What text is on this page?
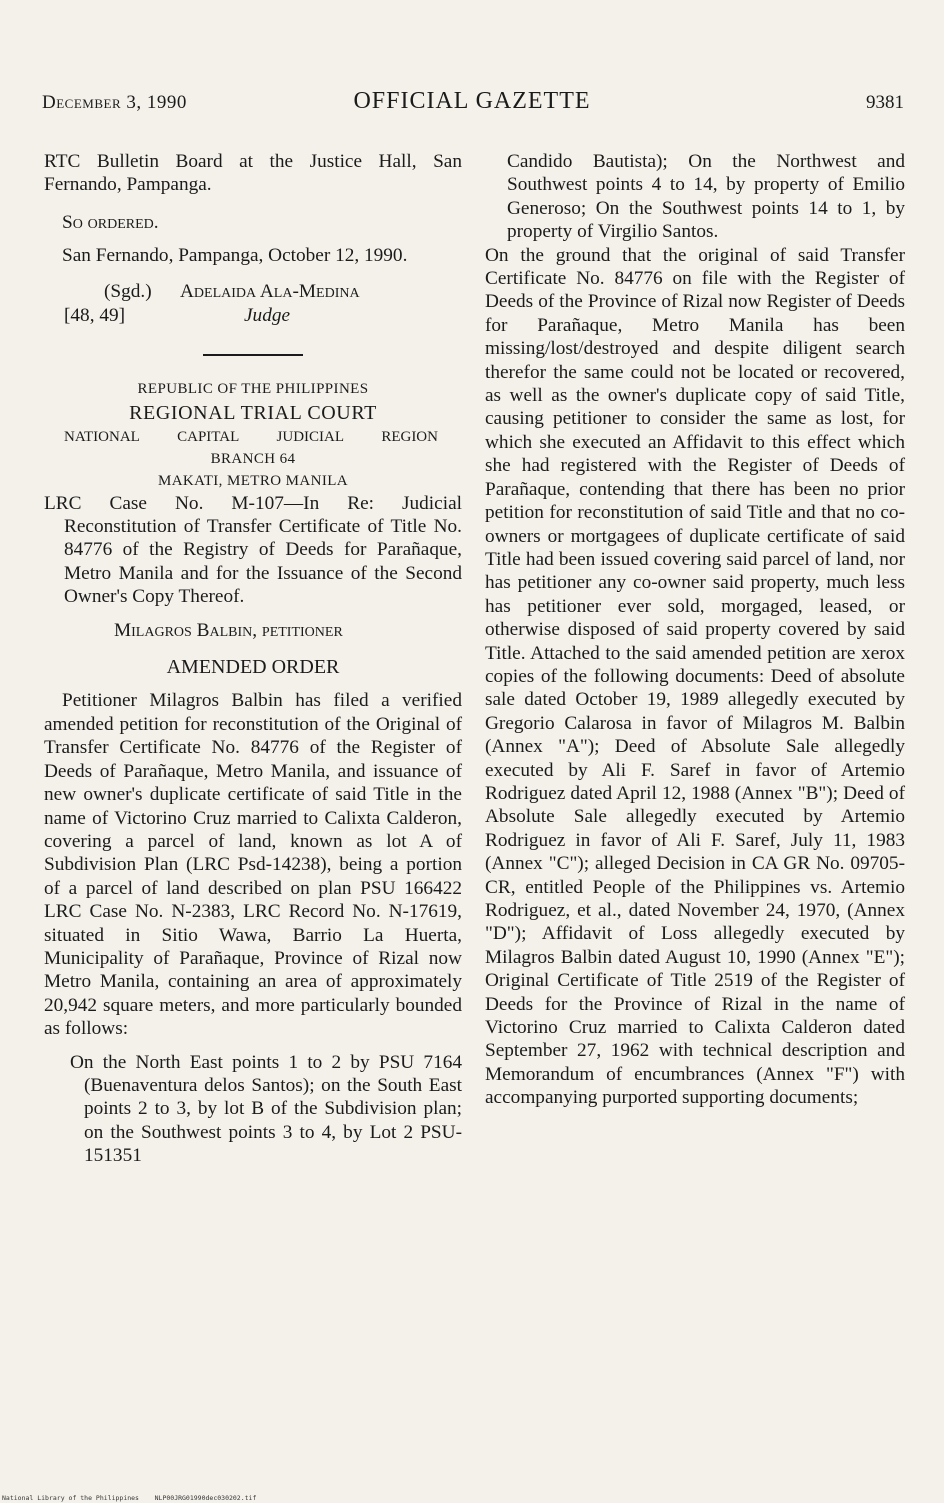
December 3, 1990	OFFICIAL GAZETTE	9381

RTC Bulletin Board at the Justice Hall, San Fernando, Pampanga.

So ordered.

San Fernando, Pampanga, October 12, 1990.

(Sgd.) Adelaida Ala-Medina
[48, 49]	Judge
REPUBLIC OF THE PHILIPPINES
REGIONAL TRIAL COURT
NATIONAL CAPITAL JUDICIAL REGION
BRANCH 64
MAKATI, METRO MANILA

LRC Case No. M-107—In Re: Judicial Reconstitution of Transfer Certificate of Title No. 84776 of the Registry of Deeds for Parañaque, Metro Manila and for the Issuance of the Second Owner's Copy Thereof.

Milagros Balbin, petitioner

AMENDED ORDER

Petitioner Milagros Balbin has filed a verified amended petition for reconstitution of the Original of Transfer Certificate No. 84776 of the Register of Deeds of Parañaque, Metro Manila, and issuance of new owner's duplicate certificate of said Title in the name of Victorino Cruz married to Calixta Calderon, covering a parcel of land, known as lot A of Subdivision Plan (LRC Psd-14238), being a portion of a parcel of land described on plan PSU 166422 LRC Case No. N-2383, LRC Record No. N-17619, situated in Sitio Wawa, Barrio La Huerta, Municipality of Parañaque, Province of Rizal now Metro Manila, containing an area of approximately 20,942 square meters, and more particularly bounded as follows:

On the North East points 1 to 2 by PSU 7164 (Buenaventura delos Santos); on the South East points 2 to 3, by lot B of the Subdivision plan; on the Southwest points 3 to 4, by Lot 2 PSU-151351

Candido Bautista); On the Northwest and Southwest points 4 to 14, by property of Emilio Generoso; On the Southwest points 14 to 1, by property of Virgilio Santos.

On the ground that the original of said Transfer Certificate No. 84776 on file with the Register of Deeds of the Province of Rizal now Register of Deeds for Parañaque, Metro Manila has been missing/lost/destroyed and despite diligent search therefor the same could not be located or recovered, as well as the owner's duplicate copy of said Title, causing petitioner to consider the same as lost, for which she executed an Affidavit to this effect which she had registered with the Register of Deeds of Parañaque, contending that there has been no prior petition for reconstitution of said Title and that no co-owners or mortgagees of duplicate certificate of said Title had been issued covering said parcel of land, nor has petitioner any co-owner said property, much less has petitioner ever sold, morgaged, leased, or otherwise disposed of said property covered by said Title. Attached to the said amended petition are xerox copies of the following documents: Deed of absolute sale dated October 19, 1989 allegedly executed by Gregorio Calarosa in favor of Milagros M. Balbin (Annex "A"); Deed of Absolute Sale allegedly executed by Ali F. Saref in favor of Artemio Rodriguez dated April 12, 1988 (Annex "B"); Deed of Absolute Sale allegedly executed by Artemio Rodriguez in favor of Ali F. Saref, July 11, 1983 (Annex "C"); alleged Decision in CA GR No. 09705-CR, entitled People of the Philippines vs. Artemio Rodriguez, et al., dated November 24, 1970, (Annex "D"); Affidavit of Loss allegedly executed by Milagros Balbin dated August 10, 1990 (Annex "E"); Original Certificate of Title 2519 of the Register of Deeds for the Province of Rizal in the name of Victorino Cruz married to Calixta Calderon dated September 27, 1962 with technical description and Memorandum of encumbrances (Annex "F") with accompanying purported supporting documents;

National Library of the Philippines NLP00JRG01990dec030202.tif
